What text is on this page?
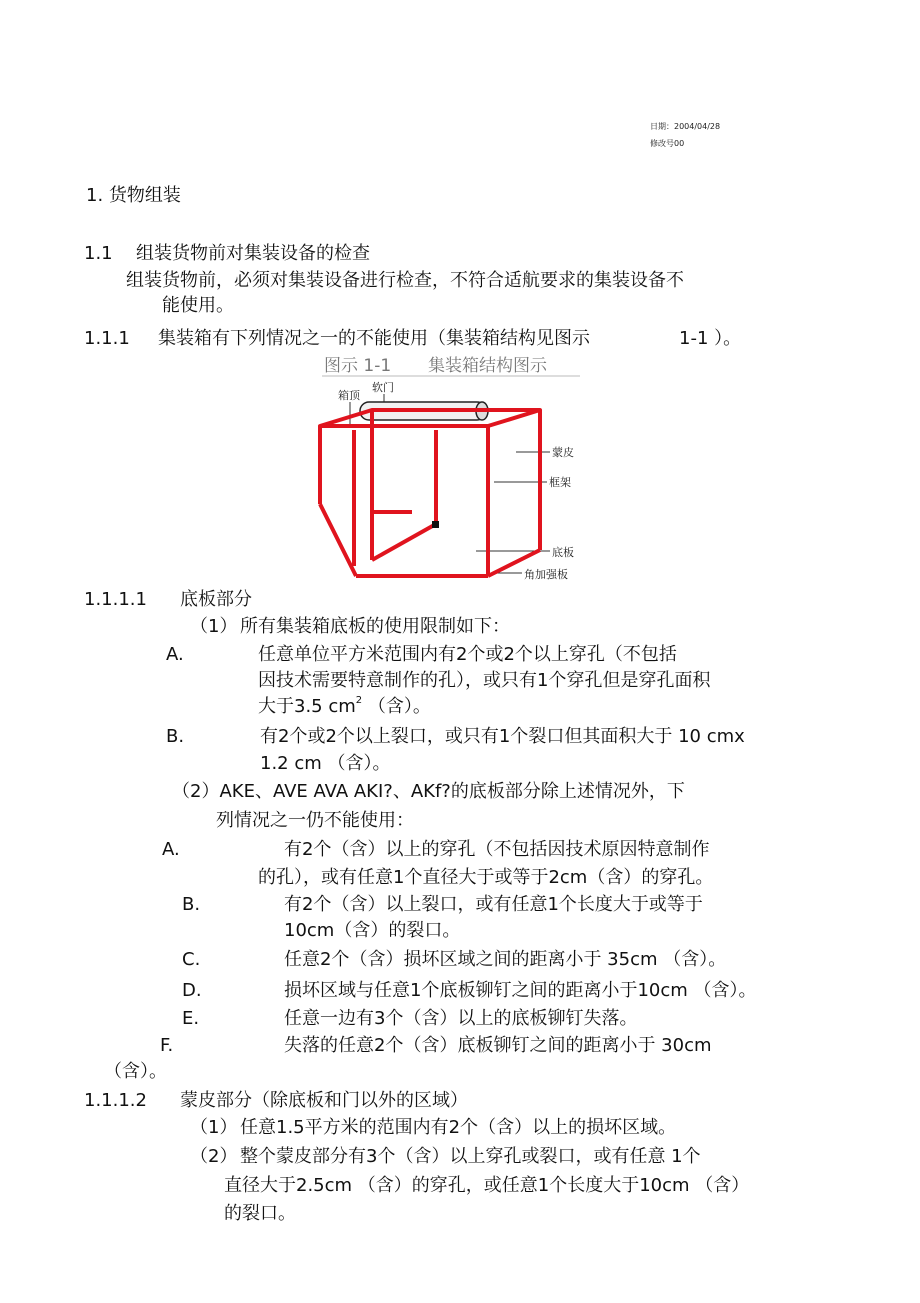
日期：2004/04/28
修改号00
1. 货物组装
1.1 组装货物前对集装设备的检查
组装货物前，必须对集装设备进行检查，不符合适航要求的集装设备不
能使用。
1.1.1 集装箱有下列情况之一的不能使用（集装箱结构见图示	1-1 ）。
图示 1-1 集装箱结构图示
箱顶
软门
蒙皮
框架
底板
角加强板
1.1.1.1 底板部分
（1） 所有集装箱底板的使用限制如下：
A.	任意单位平方米范围内有2个或2个以上穿孔（不包括
因技术需要特意制作的孔），或只有1个穿孔但是穿孔面积
大于3.5 $cm^2$ （含）。
B.	有2个或2个以上裂口，或只有1个裂口但其面积大于 10 cmx
1.2 cm （含）。
（2）AKE、AVE AVA AKI?、AKf?的底板部分除上述情况外，下
列情况之一仍不能使用：
A.	有2个（含）以上的穿孔（不包括因技术原因特意制作
的孔），或有任意1个直径大于或等于2cm（含）的穿孔。
B.	有2个（含）以上裂口，或有任意1个长度大于或等于
10cm（含）的裂口。
C.	任意2个（含）损坏区域之间的距离小于 35cm （含）。
D.	损坏区域与任意1个底板铆钉之间的距离小于10cm （含）。
E.	任意一边有3个（含）以上的底板铆钉失落。
F.	失落的任意2个（含）底板铆钉之间的距离小于 30cm
（含）。
1.1.1.2 蒙皮部分（除底板和门以外的区域）
（1） 任意1.5平方米的范围内有2个（含）以上的损坏区域。
（2） 整个蒙皮部分有3个（含）以上穿孔或裂口，或有任意 1个
直径大于2.5cm （含）的穿孔，或任意1个长度大于10cm （含）
的裂口。
